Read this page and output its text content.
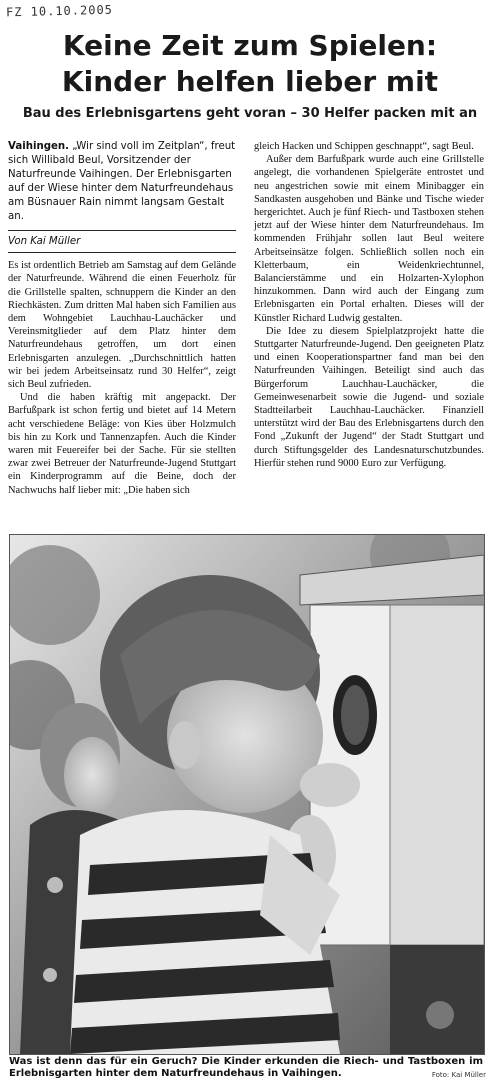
FZ 10.10.2005
Keine Zeit zum Spielen:
Kinder helfen lieber mit
Bau des Erlebnisgartens geht voran – 30 Helfer packen mit an

Vaihingen. „Wir sind voll im Zeitplan“, freut sich Willibald Beul, Vorsitzender der Naturfreunde Vaihingen. Der Erlebnisgarten auf der Wiese hinter dem Naturfreundehaus am Büsnauer Rain nimmt langsam Gestalt an.

Von Kai Müller

Es ist ordentlich Betrieb am Samstag auf dem Gelände der Naturfreunde. Während die einen Feuerholz für die Grillstelle spalten, schnuppern die Kinder an den Riechkästen. Zum dritten Mal haben sich Familien aus dem Wohngebiet Lauchhau-Lauchäcker und Vereinsmitglieder auf dem Platz hinter dem Naturfreundehaus getroffen, um dort einen Erlebnisgarten anzulegen. „Durchschnittlich hatten wir bei jedem Arbeitseinsatz rund 30 Helfer“, zeigt sich Beul zufrieden.

Und die haben kräftig mit angepackt. Der Barfußpark ist schon fertig und bietet auf 14 Metern acht verschiedene Beläge: von Kies über Holzmulch bis hin zu Kork und Tannenzapfen. Auch die Kinder waren mit Feuereifer bei der Sache. Für sie stellten zwar zwei Betreuer der Naturfreunde-Jugend Stuttgart ein Kinderprogramm auf die Beine, doch der Nachwuchs half lieber mit: „Die haben sich

gleich Hacken und Schippen geschnappt“, sagt Beul.

Außer dem Barfußpark wurde auch eine Grillstelle angelegt, die vorhandenen Spielgeräte entrostet und neu angestrichen sowie mit einem Minibagger ein Sandkasten ausgehoben und Bänke und Tische wieder hergerichtet. Auch je fünf Riech- und Tastboxen stehen jetzt auf der Wiese hinter dem Naturfreundehaus. Im kommenden Frühjahr sollen laut Beul weitere Arbeitseinsätze folgen. Schließlich sollen noch ein Kletterbaum, ein Weidenkriechtunnel, Balancierstämme und ein Holzarten-Xylophon hinzukommen. Dann wird auch der Eingang zum Erlebnisgarten ein Portal erhalten. Dieses will der Künstler Richard Ludwig gestalten.

Die Idee zu diesem Spielplatzprojekt hatte die Stuttgarter Naturfreunde-Jugend. Den geeigneten Platz und einen Kooperationspartner fand man bei den Naturfreunden Vaihingen. Beteiligt sind auch das Bürgerforum Lauchhau-Lauchäcker, die Gemeinwesenarbeit sowie die Jugend- und soziale Stadtteilarbeit Lauchhau-Lauchäcker. Finanziell unterstützt wird der Bau des Erlebnisgartens durch den Fond „Zukunft der Jugend“ der Stadt Stuttgart und durch Stiftungsgelder des Landesnaturschutzbundes. Hierfür stehen rund 9000 Euro zur Verfügung.

Was ist denn das für ein Geruch? Die Kinder erkunden die Riech- und Tastboxen im Erlebnisgarten hinter dem Naturfreundehaus in Vaihingen.	Foto: Kai Müller
